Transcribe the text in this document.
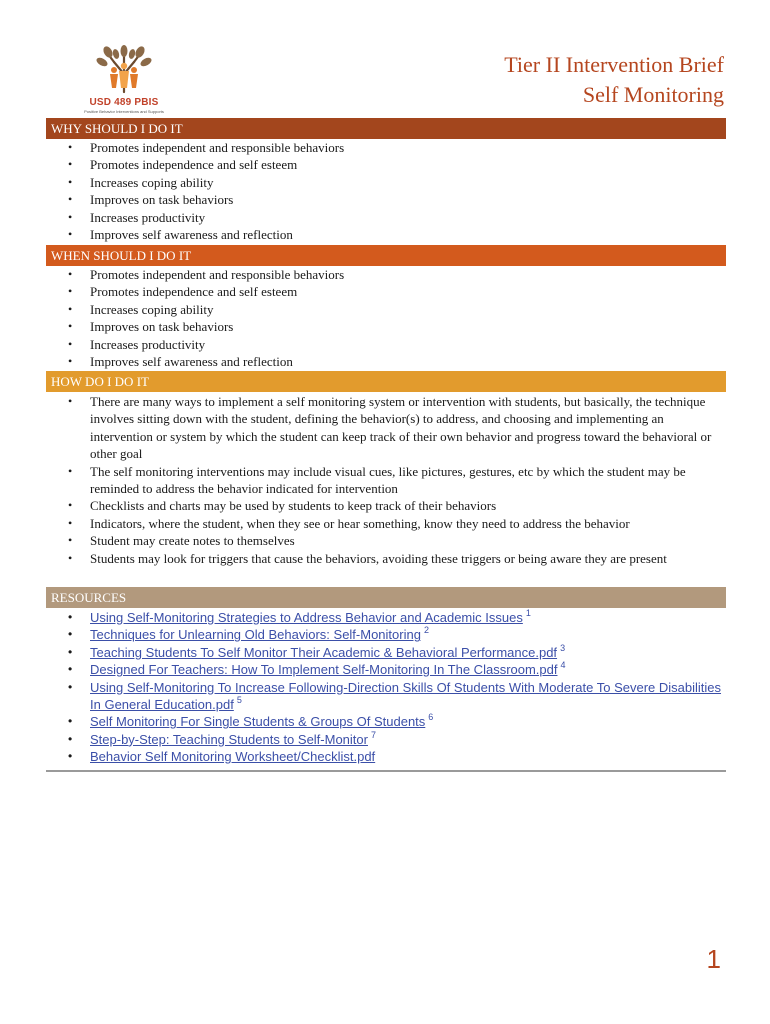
USD 489 PBIS
Positive Behavior Interventions and Supports
Tier II Intervention Brief
Self Monitoring
WHY SHOULD I DO IT
• Promotes independent and responsible behaviors
• Promotes independence and self esteem
• Increases coping ability
• Improves on task behaviors
• Increases productivity
• Improves self awareness and reflection
WHEN SHOULD I DO IT
• Promotes independent and responsible behaviors
• Promotes independence and self esteem
• Increases coping ability
• Improves on task behaviors
• Increases productivity
• Improves self awareness and reflection
HOW DO I DO IT
• There are many ways to implement a self monitoring system or intervention with students, but basically, the technique involves sitting down with the student, defining the behavior(s) to address, and choosing and implementing an intervention or system by which the student can keep track of their own behavior and progress toward the behavioral or other goal
• The self monitoring interventions may include visual cues, like pictures, gestures, etc by which the student may be reminded to address the behavior indicated for intervention
• Checklists and charts may be used by students to keep track of their behaviors
• Indicators, where the student, when they see or hear something, know they need to address the behavior
• Student may create notes to themselves
• Students may look for triggers that cause the behaviors, avoiding these triggers or being aware they are present
RESOURCES
• Using Self-Monitoring Strategies to Address Behavior and Academic Issues $^1$
• Techniques for Unlearning Old Behaviors: Self-Monitoring $^2$
• Teaching Students To Self Monitor Their Academic & Behavioral Performance.pdf $^3$
• Designed For Teachers: How To Implement Self-Monitoring In The Classroom.pdf $^4$
• Using Self-Monitoring To Increase Following-Direction Skills Of Students With Moderate To Severe Disabilities In General Education.pdf $^5$
• Self Monitoring For Single Students & Groups Of Students $^6$
• Step-by-Step: Teaching Students to Self-Monitor $^7$
• Behavior Self Monitoring Worksheet/Checklist.pdf
1
